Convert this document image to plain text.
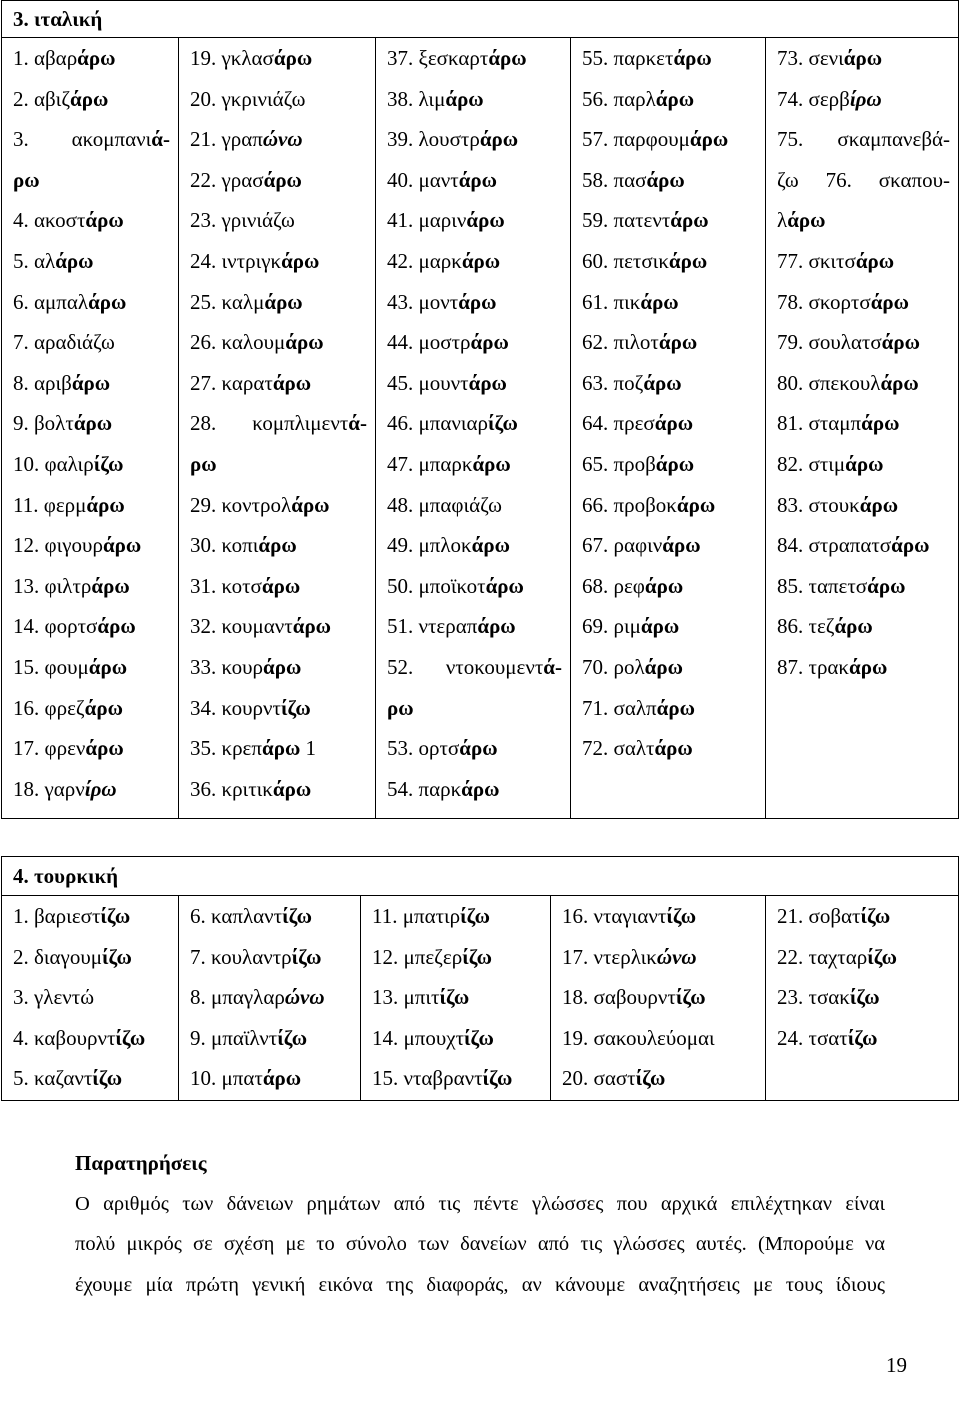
3. ιταλική
1. αβαράρω
2. αβιζάρω
3. ακομπανιά-
ρω
4. ακοστάρω
5. αλάρω
6. αμπαλάρω
7. αραδιάζω
8. αριβάρω
9. βολτάρω
10. φαλιρίζω
11. φερμάρω
12. φιγουράρω
13. φιλτράρω
14. φορτσάρω
15. φουμάρω
16. φρεζάρω
17. φρενάρω
18. γαρνίρω
19. γκλασάρω
20. γκρινιάζω
21. γραπώνω
22. γρασάρω
23. γρινιάζω
24. ιντριγκάρω
25. καλμάρω
26. καλουμάρω
27. καρατάρω
28. κομπλιμεντά-
ρω
29. κοντρολάρω
30. κοπιάρω
31. κοτσάρω
32. κουμαντάρω
33. κουράρω
34. κουρντίζω
35. κρεπάρω 1
36. κριτικάρω
37. ξεσκαρτάρω
38. λιμάρω
39. λουστράρω
40. μαντάρω
41. μαρινάρω
42. μαρκάρω
43. μοντάρω
44. μοστράρω
45. μουντάρω
46. μπανιαρίζω
47. μπαρκάρω
48. μπαφιάζω
49. μπλοκάρω
50. μποϊκοτάρω
51. ντεραπάρω
52. ντοκουμεντά-
ρω
53. ορτσάρω
54. παρκάρω
55. παρκετάρω
56. παρλάρω
57. παρφουμάρω
58. πασάρω
59. πατεντάρω
60. πετσικάρω
61. πικάρω
62. πιλοτάρω
63. ποζάρω
64. πρεσάρω
65. προβάρω
66. προβοκάρω
67. ραφινάρω
68. ρεφάρω
69. ριμάρω
70. ρολάρω
71. σαλπάρω
72. σαλτάρω
73. σενιάρω
74. σερβίρω
75. σκαμπανεβά-
ζω 76. σκαπου-
λάρω
77. σκιτσάρω
78. σκορτσάρω
79. σουλατσάρω
80. σπεκουλάρω
81. σταμπάρω
82. στιμάρω
83. στουκάρω
84. στραπατσάρω
85. ταπετσάρω
86. τεζάρω
87. τρακάρω
4. τουρκική
1. βαριεστίζω
2. διαγουμίζω
3. γλεντώ
4. καβουρντίζω
5. καζαντίζω
6. καπλαντίζω
7. κουλαντρίζω
8. μπαγλαρώνω
9. μπαϊλντίζω
10. μπατάρω
11. μπατιρίζω
12. μπεζερίζω
13. μπιτίζω
14. μπουχτίζω
15. νταβραντίζω
16. νταγιαντίζω
17. ντερλικώνω
18. σαβουρντίζω
19. σακουλεύομαι
20. σαστίζω
21. σοβατίζω
22. ταχταρίζω
23. τσακίζω
24. τσατίζω
Παρατηρήσεις
Ο αριθμός των δάνειων ρημάτων από τις πέντε γλώσσες που αρχικά επιλέχτηκαν είναι
πολύ μικρός σε σχέση με το σύνολο των δανείων από τις γλώσσες αυτές. (Μπορούμε να
έχουμε μία πρώτη γενική εικόνα της διαφοράς, αν κάνουμε αναζητήσεις με τους ίδιους
19
